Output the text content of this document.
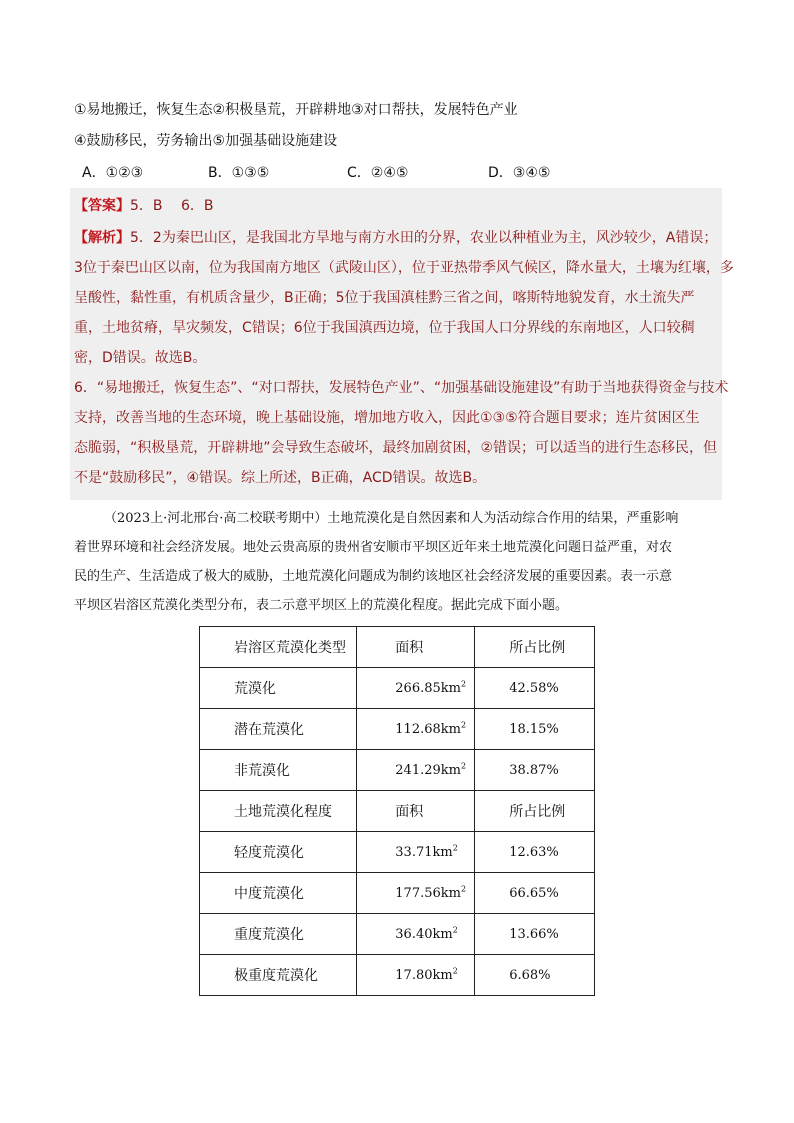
①易地搬迁，恢复生态②积极垦荒，开辟耕地③对口帮扶，发展特色产业
④鼓励移民，劳务输出⑤加强基础设施建设
A．①②③	B．①③⑤	C．②④⑤	D．③④⑤
【答案】5．B　 6．B
【解析】5．2为秦巴山区，是我国北方旱地与南方水田的分界，农业以种植业为主，风沙较少，A错误；
3位于秦巴山区以南，位为我国南方地区（武陵山区），位于亚热带季风气候区，降水量大，土壤为红壤，多
呈酸性，黏性重，有机质含量少，B正确；5位于我国滇桂黔三省之间，喀斯特地貌发育，水土流失严
重，土地贫瘠，旱灾频发，C错误；6位于我国滇西边境，位于我国人口分界线的东南地区，人口较稠
密，D错误。故选B。
6．“易地搬迁，恢复生态”、“对口帮扶，发展特色产业”、“加强基础设施建设”有助于当地获得资金与技术
支持，改善当地的生态环境，晚上基础设施，增加地方收入，因此①③⑤符合题目要求；连片贫困区生
态脆弱，“积极垦荒，开辟耕地”会导致生态破坏，最终加剧贫困，②错误；可以适当的进行生态移民，但
不是“鼓励移民”，④错误。综上所述，B正确，ACD错误。故选B。
（2023上·河北邢台·高二校联考期中）土地荒漠化是自然因素和人为活动综合作用的结果，严重影响
着世界环境和社会经济发展。地处云贵高原的贵州省安顺市平坝区近年来土地荒漠化问题日益严重，对农
民的生产、生活造成了极大的威胁，土地荒漠化问题成为制约该地区社会经济发展的重要因素。表一示意
平坝区岩溶区荒漠化类型分布，表二示意平坝区上的荒漠化程度。据此完成下面小题。
岩溶区荒漠化类型	面积	所占比例
荒漠化	$266.85km^2$	42.58%
潜在荒漠化	$112.68km^2$	18.15%
非荒漠化	$241.29km^2$	38.87%
土地荒漠化程度	面积	所占比例
轻度荒漠化	$33.71km^2$	12.63%
中度荒漠化	$177.56km^2$	66.65%
重度荒漠化	$36.40km^2$	13.66%
极重度荒漠化	$17.80km^2$	6.68%
